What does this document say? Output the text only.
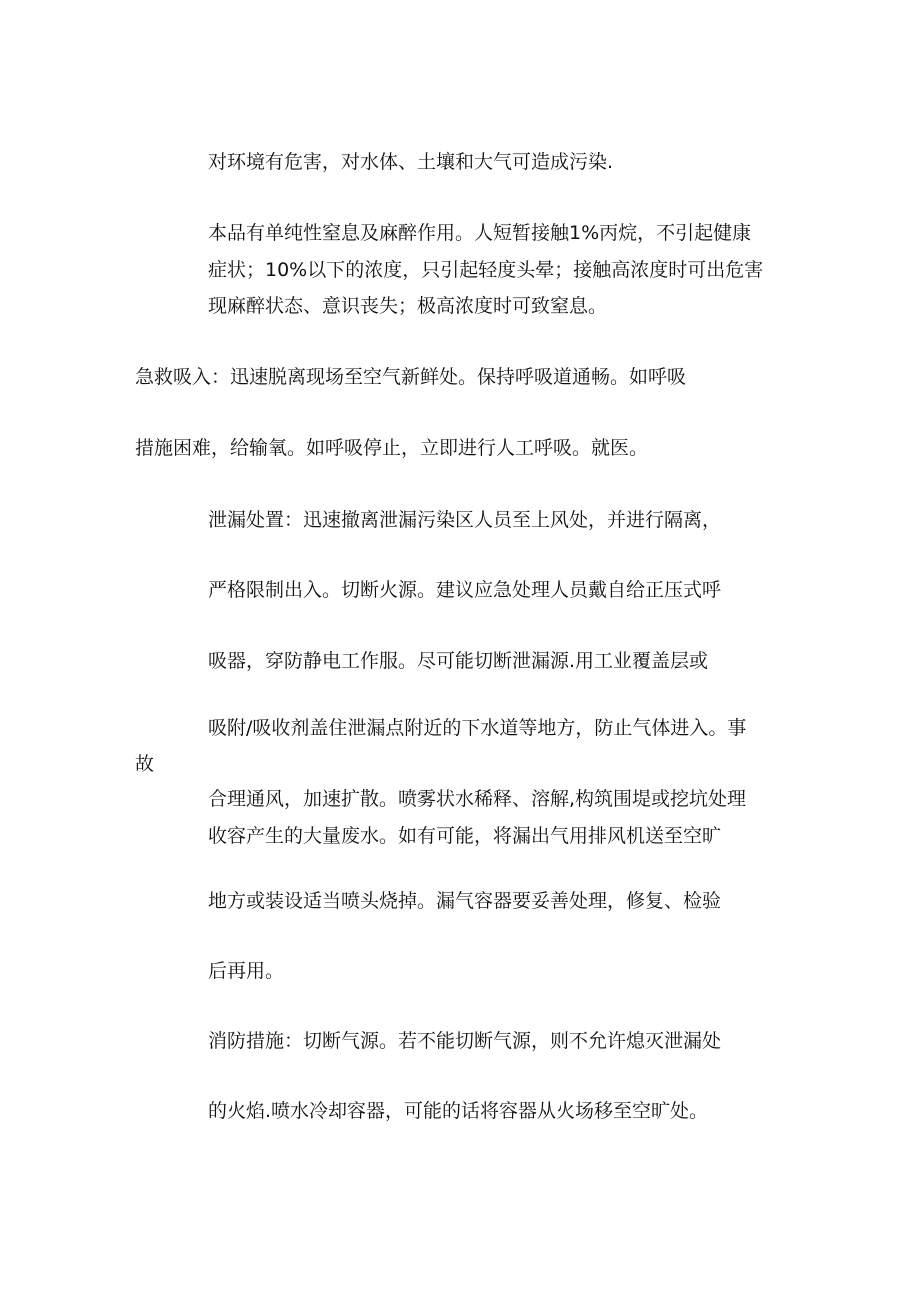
对环境有危害，对水体、土壤和大气可造成污染.
本品有单纯性窒息及麻醉作用。人短暂接触1%丙烷，不引起健康
症状；10%以下的浓度，只引起轻度头晕；接触高浓度时可出危害
现麻醉状态、意识丧失；极高浓度时可致窒息。
急救吸入：迅速脱离现场至空气新鲜处。保持呼吸道通畅。如呼吸
措施困难，给输氧。如呼吸停止，立即进行人工呼吸。就医。
泄漏处置：迅速撤离泄漏污染区人员至上风处，并进行隔离，
严格限制出入。切断火源。建议应急处理人员戴自给正压式呼
吸器，穿防静电工作服。尽可能切断泄漏源.用工业覆盖层或
吸附/吸收剂盖住泄漏点附近的下水道等地方，防止气体进入。事
故
合理通风，加速扩散。喷雾状水稀释、溶解,构筑围堤或挖坑处理
收容产生的大量废水。如有可能，将漏出气用排风机送至空旷
地方或装设适当喷头烧掉。漏气容器要妥善处理，修复、检验
后再用。
消防措施：切断气源。若不能切断气源，则不允许熄灭泄漏处
的火焰.喷水冷却容器，可能的话将容器从火场移至空旷处。
